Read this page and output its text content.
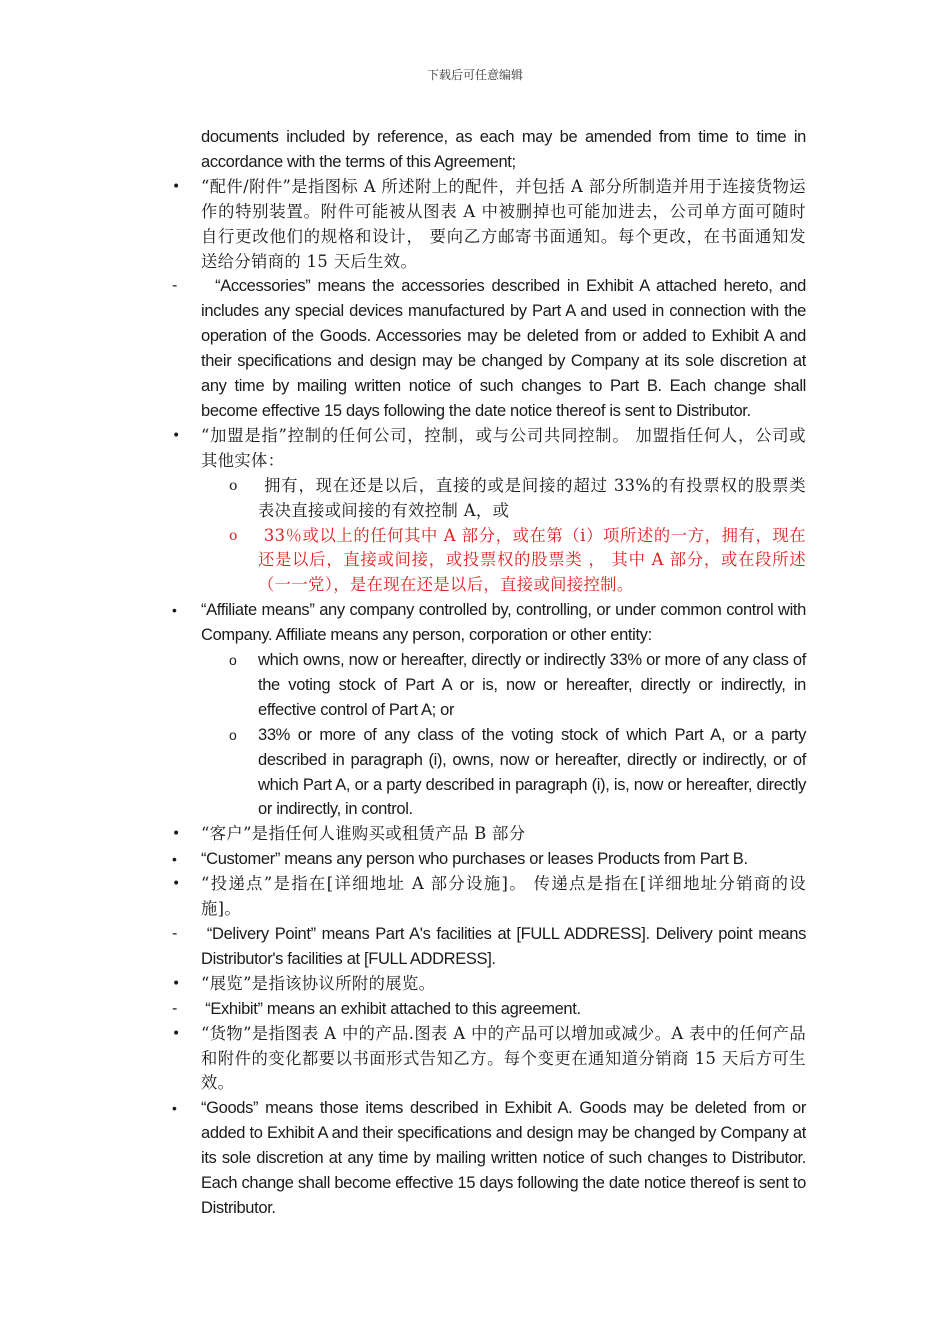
下载后可任意编辑
documents included by reference, as each may be amended from time to time in accordance with the terms of this Agreement;
•	“配件/附件”是指图标 A 所述附上的配件，并包括 A 部分所制造并用于连接货物运作的特别装置。附件可能被从图表 A 中被删掉也可能加进去，公司单方面可随时自行更改他们的规格和设计， 要向乙方邮寄书面通知。每个更改，在书面通知发送给分销商的 15 天后生效。
-	“Accessories” means the accessories described in Exhibit A attached hereto, and includes any special devices manufactured by Part A and used in connection with the operation of the Goods. Accessories may be deleted from or added to Exhibit A and their specifications and design may be changed by Company at its sole discretion at any time by mailing written notice of such changes to Part B. Each change shall become effective 15 days following the date notice thereof is sent to Distributor.
•	“加盟是指”控制的任何公司，控制，或与公司共同控制。 加盟指任何人，公司或其他实体：
o	拥有，现在还是以后，直接的或是间接的超过 33%的有投票权的股票类表决直接或间接的有效控制 A，或
o	33％或以上的任何其中 A 部分，或在第（i）项所述的一方，拥有，现在还是以后，直接或间接，或投票权的股票类 ， 其中 A 部分，或在段所述（一一党），是在现在还是以后，直接或间接控制。
•	“Affiliate means” any company controlled by, controlling, or under common control with Company. Affiliate means any person, corporation or other entity:
o	which owns, now or hereafter, directly or indirectly 33% or more of any class of the voting stock of Part A or is, now or hereafter, directly or indirectly, in effective control of Part A; or
o	33% or more of any class of the voting stock of which Part A, or a party described in paragraph (i), owns, now or hereafter, directly or indirectly, or of which Part A, or a party described in paragraph (i), is, now or hereafter, directly or indirectly, in control.
•	“客户”是指任何人谁购买或租赁产品 B 部分
•	“Customer” means any person who purchases or leases Products from Part B.
•	“投递点”是指在[详细地址 A 部分设施]。 传递点是指在[详细地址分销商的设施]。
-	“Delivery Point” means Part A's facilities at [FULL ADDRESS]. Delivery point means Distributor's facilities at [FULL ADDRESS].
•	“展览”是指该协议所附的展览。
-	“Exhibit” means an exhibit attached to this agreement.
•	“货物”是指图表 A 中的产品.图表 A 中的产品可以增加或减少。A 表中的任何产品和附件的变化都要以书面形式告知乙方。每个变更在通知道分销商 15 天后方可生效。
•	“Goods” means those items described in Exhibit A. Goods may be deleted from or added to Exhibit A and their specifications and design may be changed by Company at its sole discretion at any time by mailing written notice of such changes to Distributor. Each change shall become effective 15 days following the date notice thereof is sent to Distributor.
